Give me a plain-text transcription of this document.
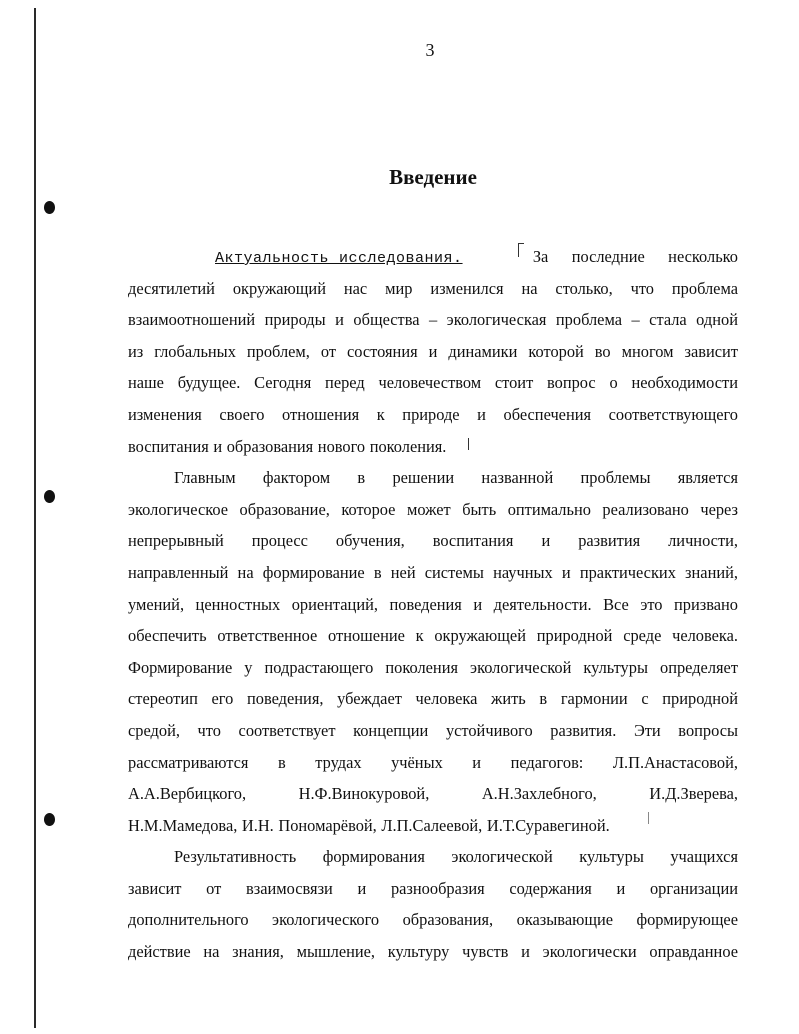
3
Введение
Актуальность исследования.	За последние несколько
десятилетий окружающий нас мир изменился на столько, что проблема
взаимоотношений природы и общества – экологическая проблема – стала одной
из глобальных проблем, от состояния и динамики которой во многом зависит
наше будущее. Сегодня перед человечеством стоит вопрос о необходимости
изменения своего отношения к природе и обеспечения соответствующего
воспитания и образования нового поколения.
Главным фактором в решении названной проблемы является
экологическое образование, которое может быть оптимально реализовано через
непрерывный процесс обучения, воспитания и развития личности,
направленный на формирование в ней системы научных и практических знаний,
умений, ценностных ориентаций, поведения и деятельности. Все это призвано
обеспечить ответственное отношение к окружающей природной среде человека.
Формирование у подрастающего поколения экологической культуры определяет
стереотип его поведения, убеждает человека жить в гармонии с природной
средой, что соответствует концепции устойчивого развития. Эти вопросы
рассматриваются в трудах учёных и педагогов: Л.П.Анастасовой,
А.А.Вербицкого, Н.Ф.Винокуровой, А.Н.Захлебного, И.Д.Зверева,
Н.М.Мамедова, И.Н. Пономарёвой, Л.П.Салеевой, И.Т.Суравегиной.
Результативность формирования экологической культуры учащихся
зависит от взаимосвязи и разнообразия содержания и организации
дополнительного экологического образования, оказывающие формирующее
действие на знания, мышление, культуру чувств и экологически оправданное
